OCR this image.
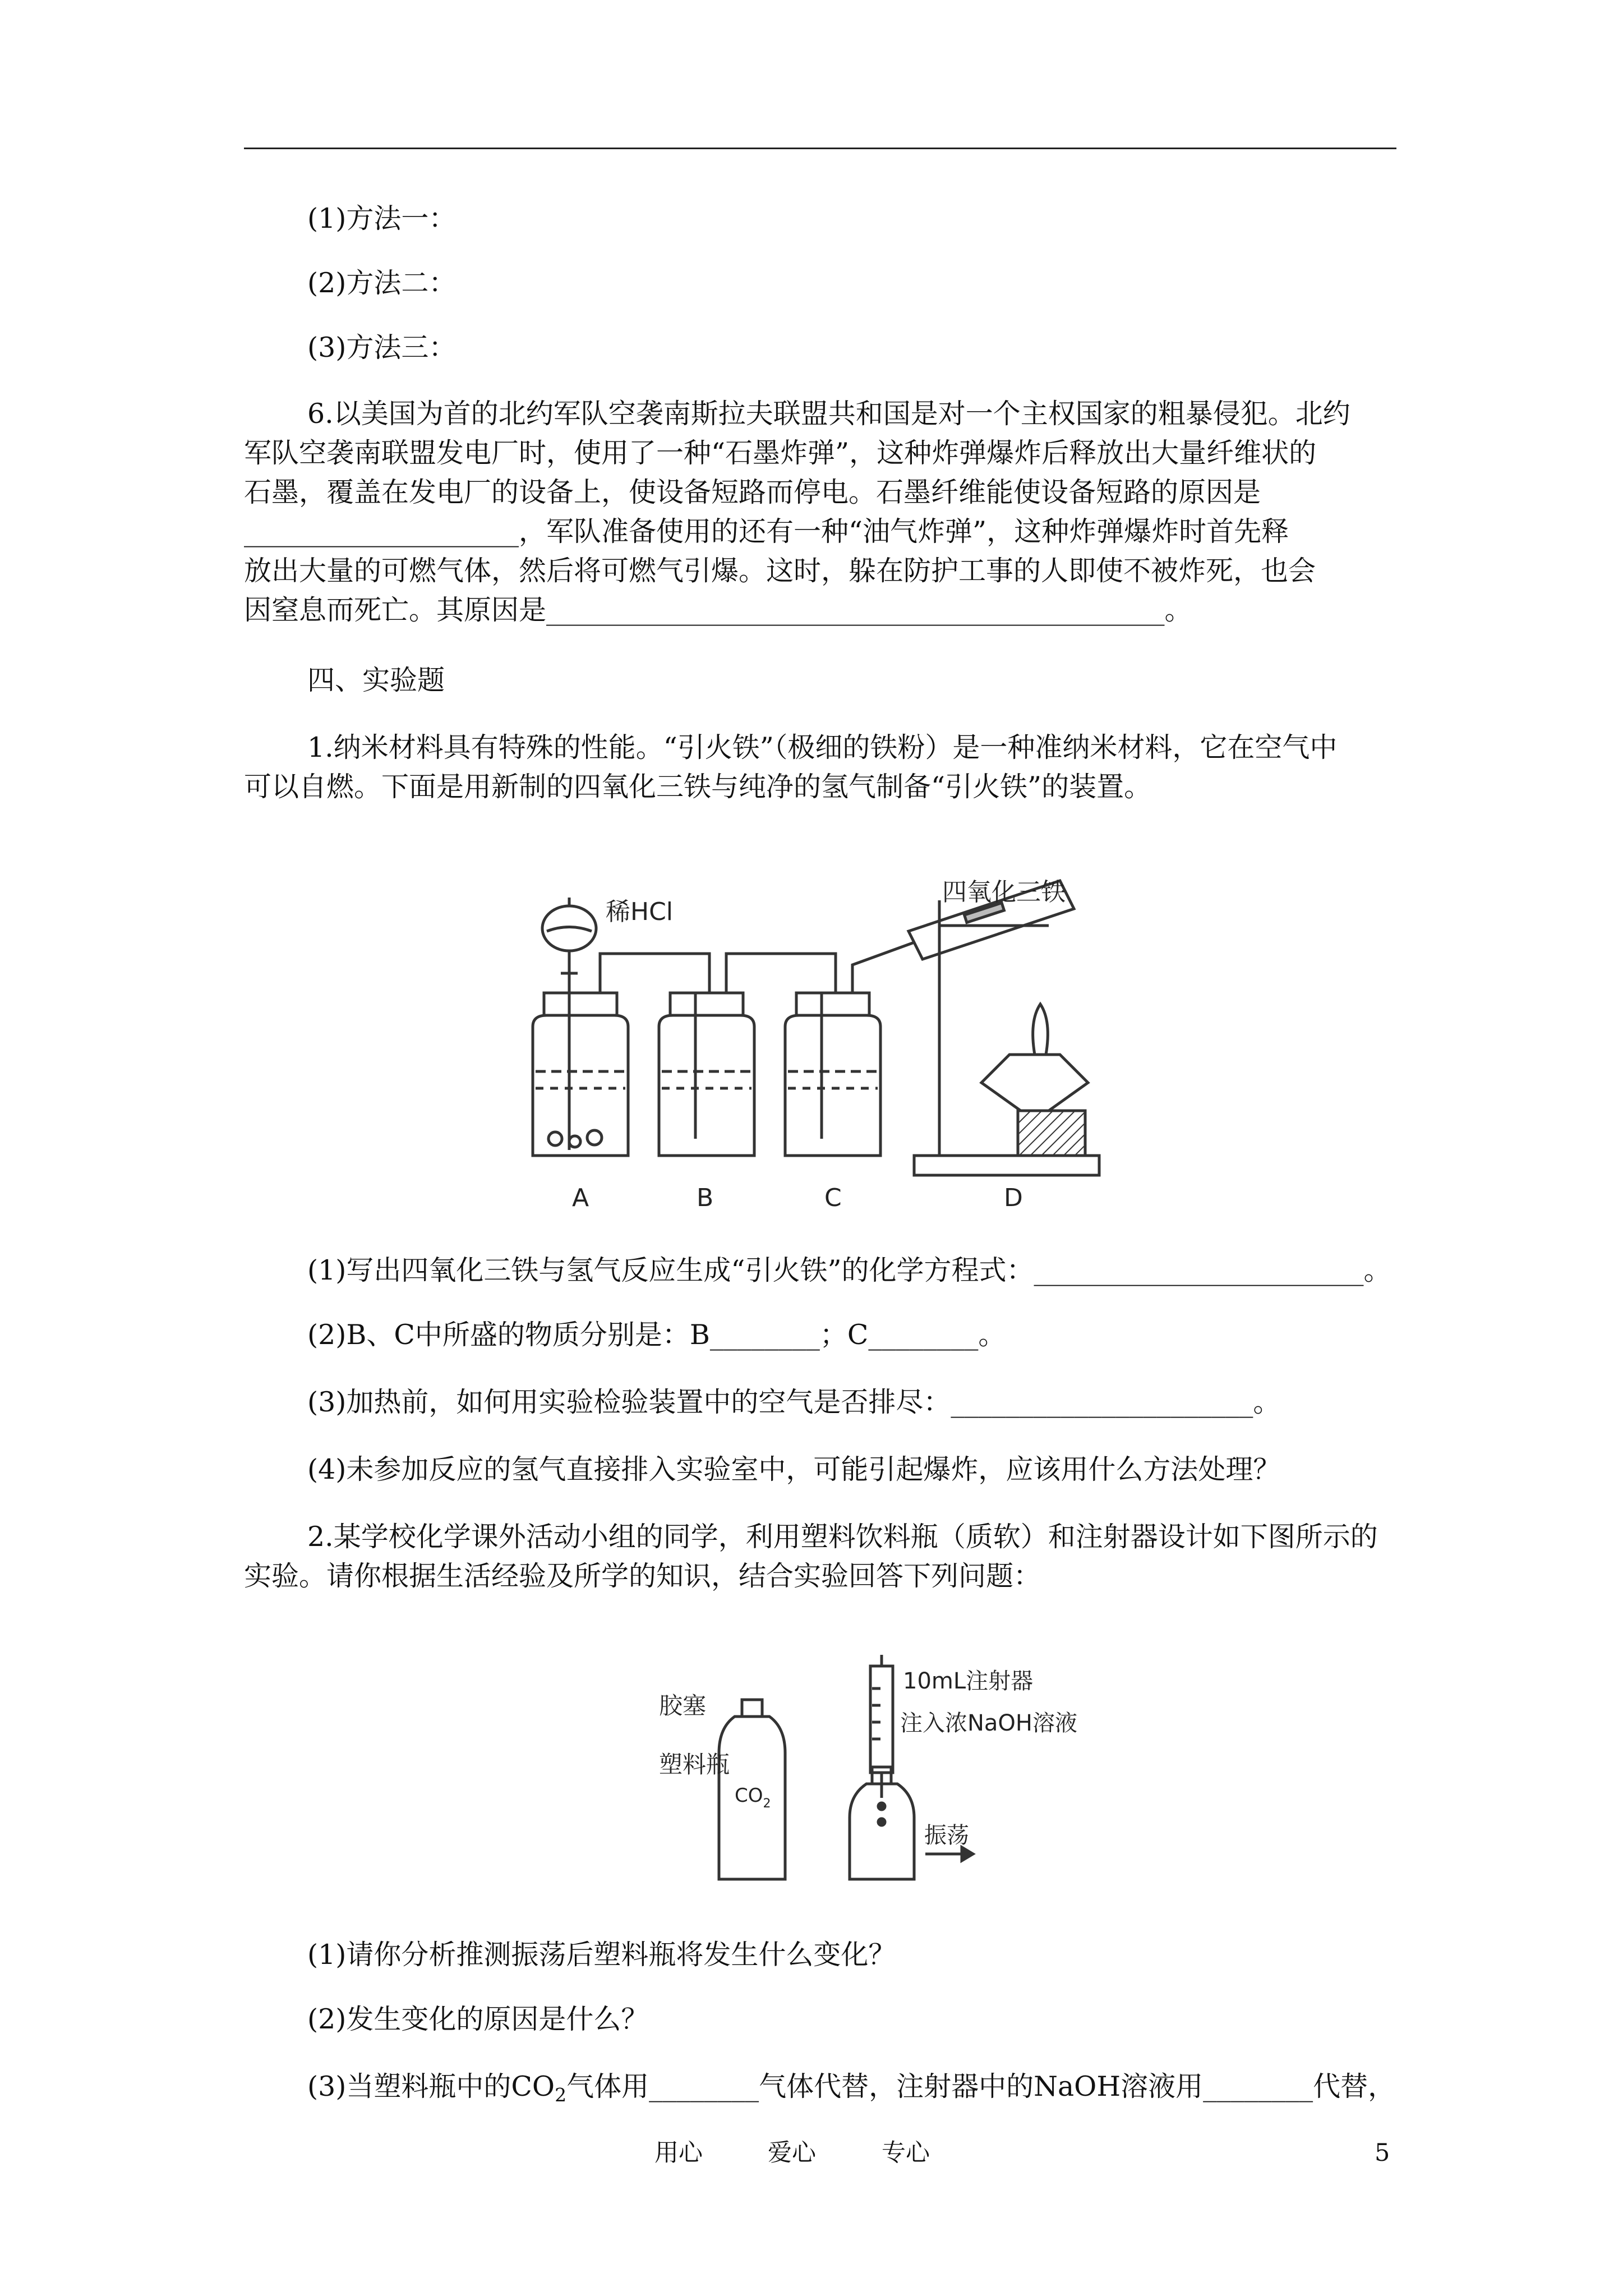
(1)方法一：
(2)方法二：
(3)方法三：
6.以美国为首的北约军队空袭南斯拉夫联盟共和国是对一个主权国家的粗暴侵犯。北约
军队空袭南联盟发电厂时，使用了一种“石墨炸弹”，这种炸弹爆炸后释放出大量纤维状的
石墨，覆盖在发电厂的设备上，使设备短路而停电。石墨纤维能使设备短路的原因是
____________________，军队准备使用的还有一种“油气炸弹”，这种炸弹爆炸时首先释
放出大量的可燃气体，然后将可燃气引爆。这时，躲在防护工事的人即使不被炸死，也会
因窒息而死亡。其原因是_____________________________________________。
四、实验题
1.纳米材料具有特殊的性能。“引火铁”（极细的铁粉）是一种准纳米材料，它在空气中
可以自燃。下面是用新制的四氧化三铁与纯净的氢气制备“引火铁”的装置。
稀HCl
四氧化三铁
A	B	C	D
(1)写出四氧化三铁与氢气反应生成“引火铁”的化学方程式：________________________。
(2)B、C中所盛的物质分别是：B________；C________。
(3)加热前，如何用实验检验装置中的空气是否排尽：______________________。
(4)未参加反应的氢气直接排入实验室中，可能引起爆炸，应该用什么方法处理？
2.某学校化学课外活动小组的同学，利用塑料饮料瓶（质软）和注射器设计如下图所示的
实验。请你根据生活经验及所学的知识，结合实验回答下列问题：
胶塞
塑料瓶
$CO_2$
10mL注射器
注入浓NaOH溶液
振荡
(1)请你分析推测振荡后塑料瓶将发生什么变化？
(2)发生变化的原因是什么？
(3)当塑料瓶中的$CO_2$气体用________气体代替，注射器中的NaOH溶液用________代替，
用心	爱心	专心	5
